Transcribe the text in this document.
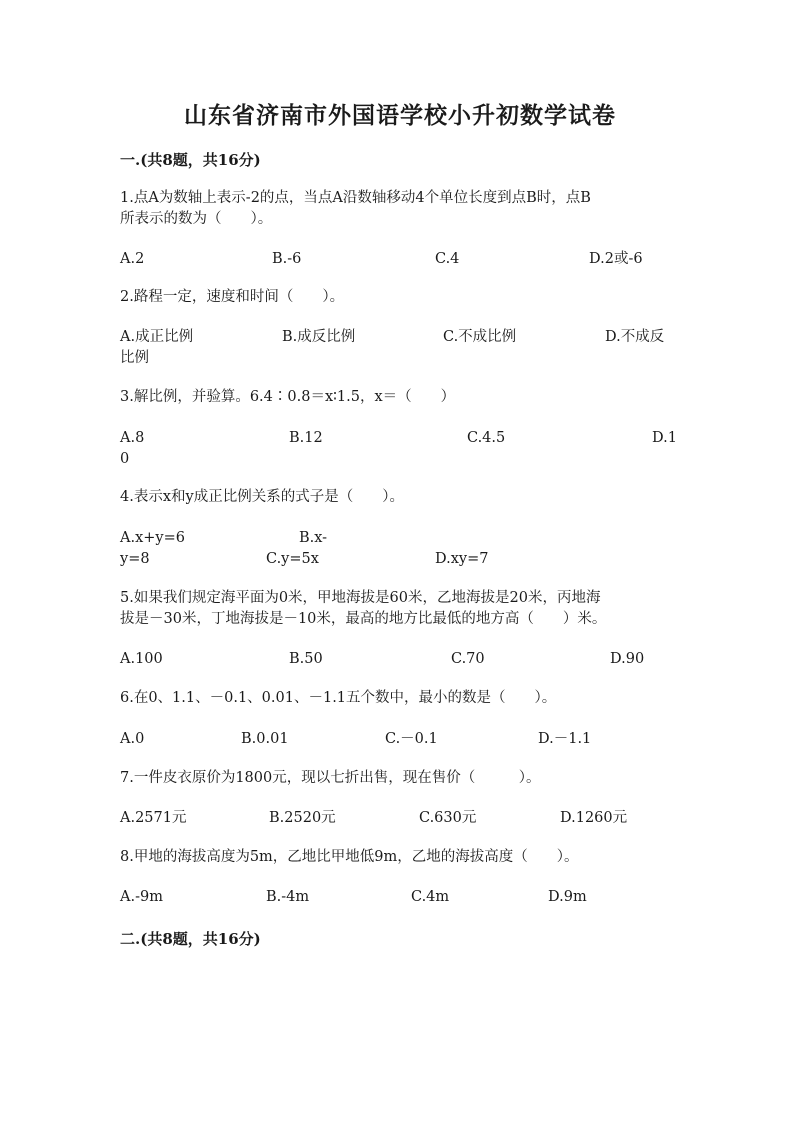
山东省济南市外国语学校小升初数学试卷
一.(共8题，共16分)
1.点A为数轴上表示-2的点，当点A沿数轴移动4个单位长度到点B时，点B
所表示的数为（　　）。
A.2	B.-6	C.4	D.2或-6
2.路程一定，速度和时间（　　）。
A.成正比例	B.成反比例	C.不成比例	D.不成反
比例
3.解比例，并验算。6.4∶0.8＝x∶1.5，x＝（　　）
A.8	B.12	C.4.5	D.1
0
4.表示x和y成正比例关系的式子是（　　）。
A.x+y=6	B.x-
y=8	C.y=5x	D.xy=7
5.如果我们规定海平面为0米，甲地海拔是60米，乙地海拔是20米，丙地海
拔是－30米，丁地海拔是－10米，最高的地方比最低的地方高（　　）米。
A.100	B.50	C.70	D.90
6.在0、1.1、－0.1、0.01、－1.1五个数中，最小的数是（　　）。
A.0	B.0.01	C.－0.1	D.－1.1
7.一件皮衣原价为1800元，现以七折出售，现在售价（　　　）。
A.2571元	B.2520元	C.630元	D.1260元
8.甲地的海拔高度为5m，乙地比甲地低9m，乙地的海拔高度（　　）。
A.-9m	B.-4m	C.4m	D.9m
二.(共8题，共16分)
